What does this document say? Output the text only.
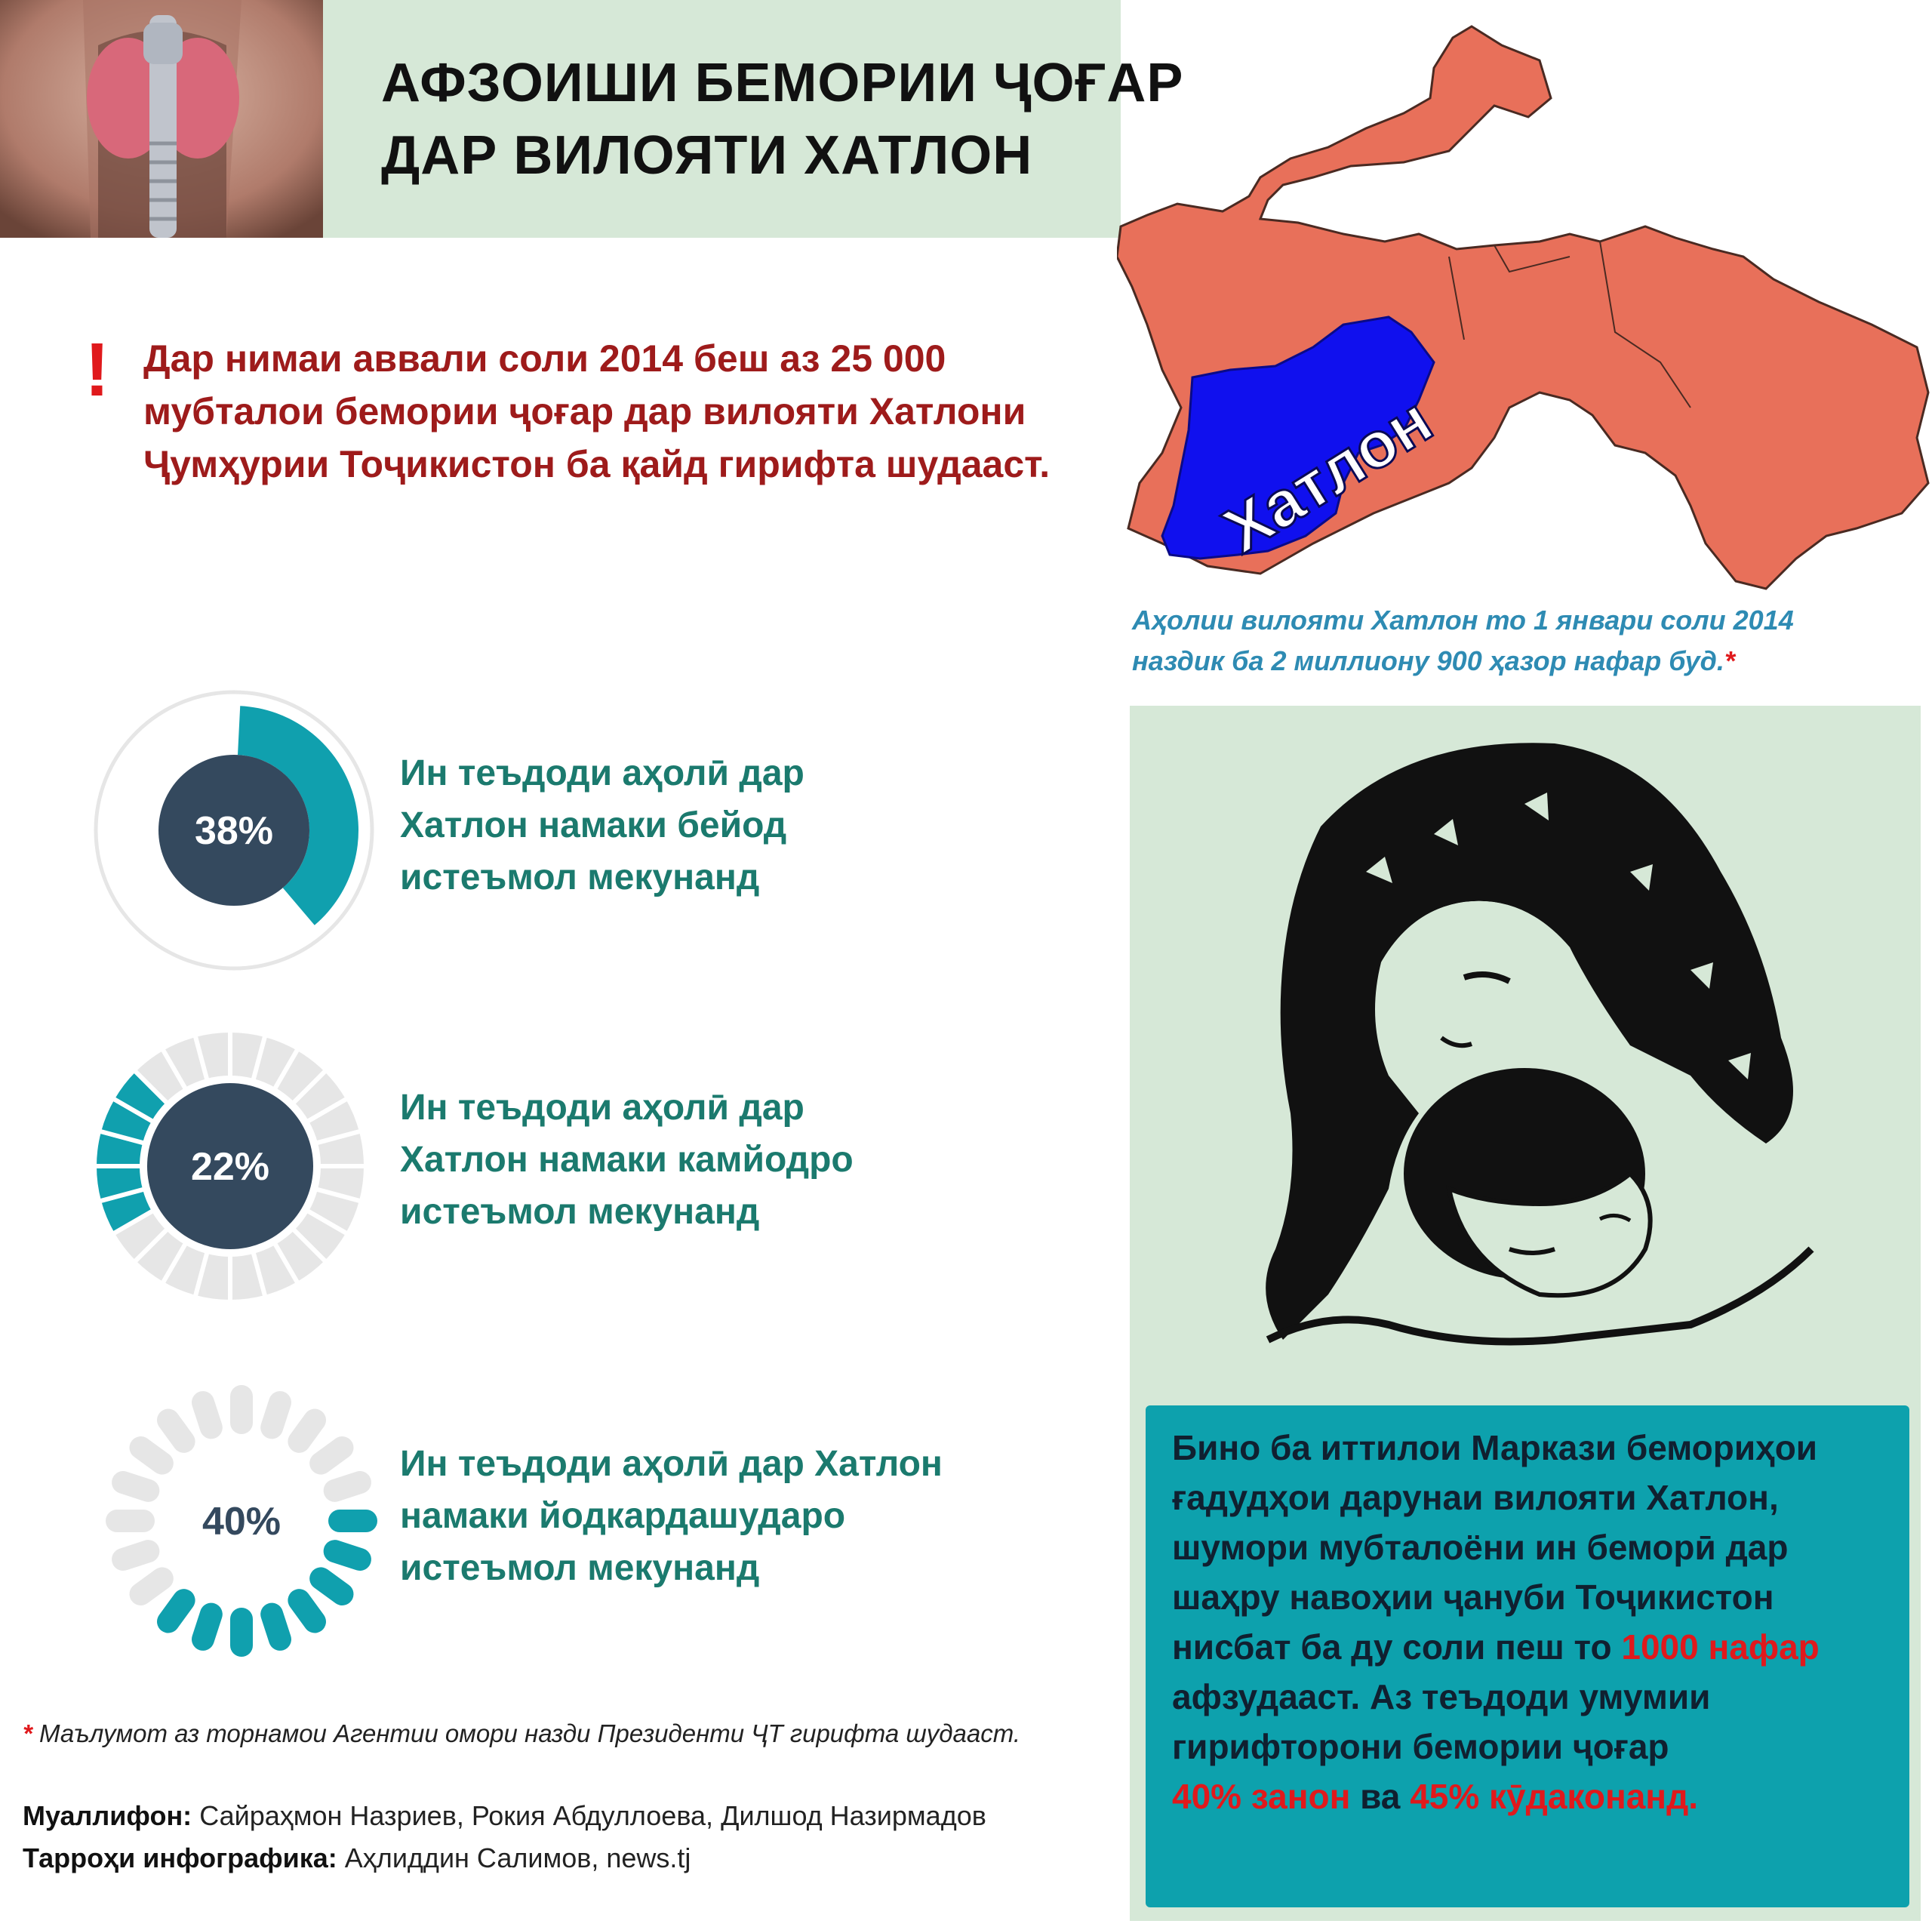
АФЗОИШИ БЕМОРИИ ҶОҒАР
ДАР ВИЛОЯТИ ХАТЛОН
! Дар нимаи аввали соли 2014 беш аз 25 000
мубталои бемории ҷоғар дар вилояти Хатлони
Ҷумҳурии Тоҷикистон ба қайд гирифта шудааст.	Хатлон
Аҳолии вилояти Хатлон то 1 январи соли 2014
наздик ба 2 миллиону 900 ҳазор нафар буд.*
Бино ба иттилои Маркази бемориҳои
ғадудҳои дарунаи вилояти Хатлон,
шумори мубталоёни ин беморӣ дар
шаҳру навоҳии ҷануби Тоҷикистон
нисбат ба ду соли пеш то 1000 нафар
афзудааст. Аз теъдоди умумии
гирифторони бемории ҷоғар
40% занон ва 45% кӯдаконанд.
38%
Ин теъдоди аҳолӣ дар
Хатлон намаки бейод
истеъмол мекунанд
22%
Ин теъдоди аҳолӣ дар
Хатлон намаки камйодро
истеъмол мекунанд
40%
Ин теъдоди аҳолӣ дар Хатлон
намаки йодкардашударо
истеъмол мекунанд
* Маълумот аз торнамои Агентии омори назди Президенти ҶТ гирифта шудааст.
Муаллифон: Сайраҳмон Назриев, Рокия Абдуллоева, Дилшод Назирмадов
Тарроҳи инфографика: Аҳлиддин Салимов, news.tj
